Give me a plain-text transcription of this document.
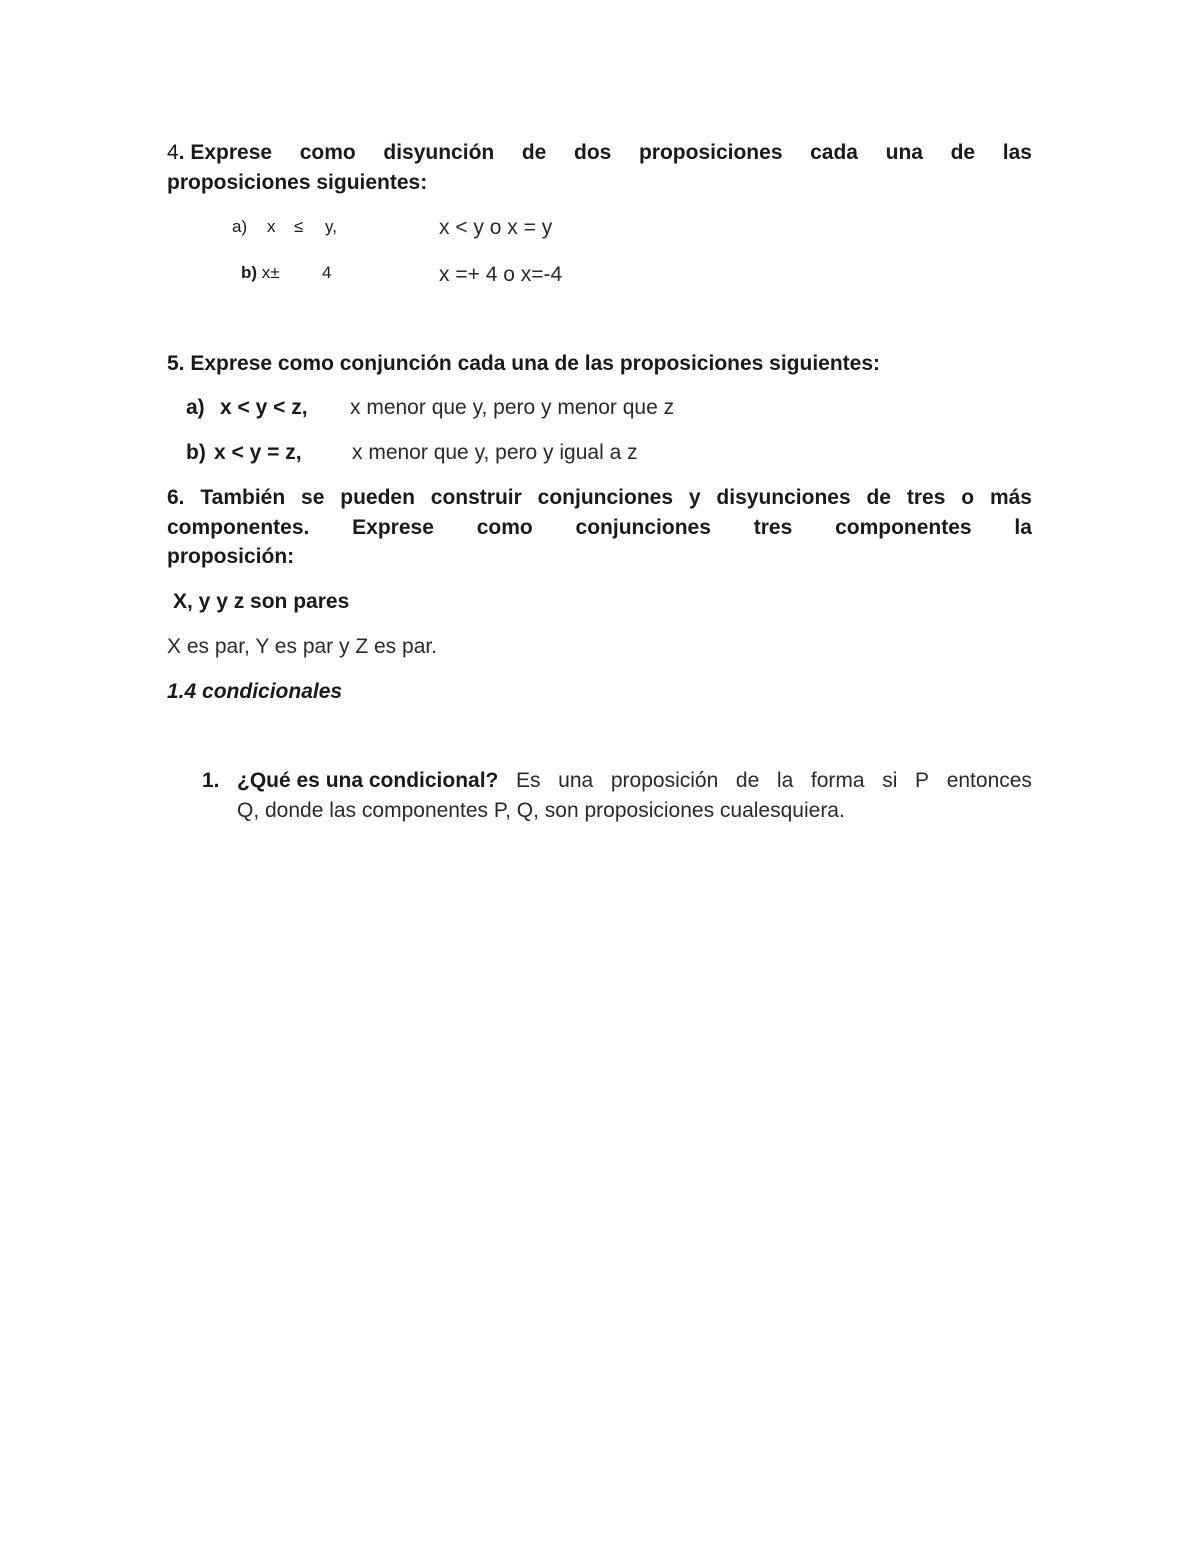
4. Exprese como disyunción de dos proposiciones cada una de las
proposiciones siguientes:
a) x ≤ y,	x < y o x = y
b) x± 4	x =+ 4 o x=-4
5. Exprese como conjunción cada una de las proposiciones siguientes:
a) x < y < z, x menor que y, pero y menor que z
b) x < y = z, x menor que y, pero y igual a z
6. También se pueden construir conjunciones y disyunciones de tres o más
componentes. Exprese como conjunciones tres componentes la
proposición:
X, y y z son pares
X es par, Y es par y Z es par.
1.4 condicionales
1. ¿Qué es una condicional? Es una proposición de la forma si P entonces
Q, donde las componentes P, Q, son proposiciones cualesquiera.
